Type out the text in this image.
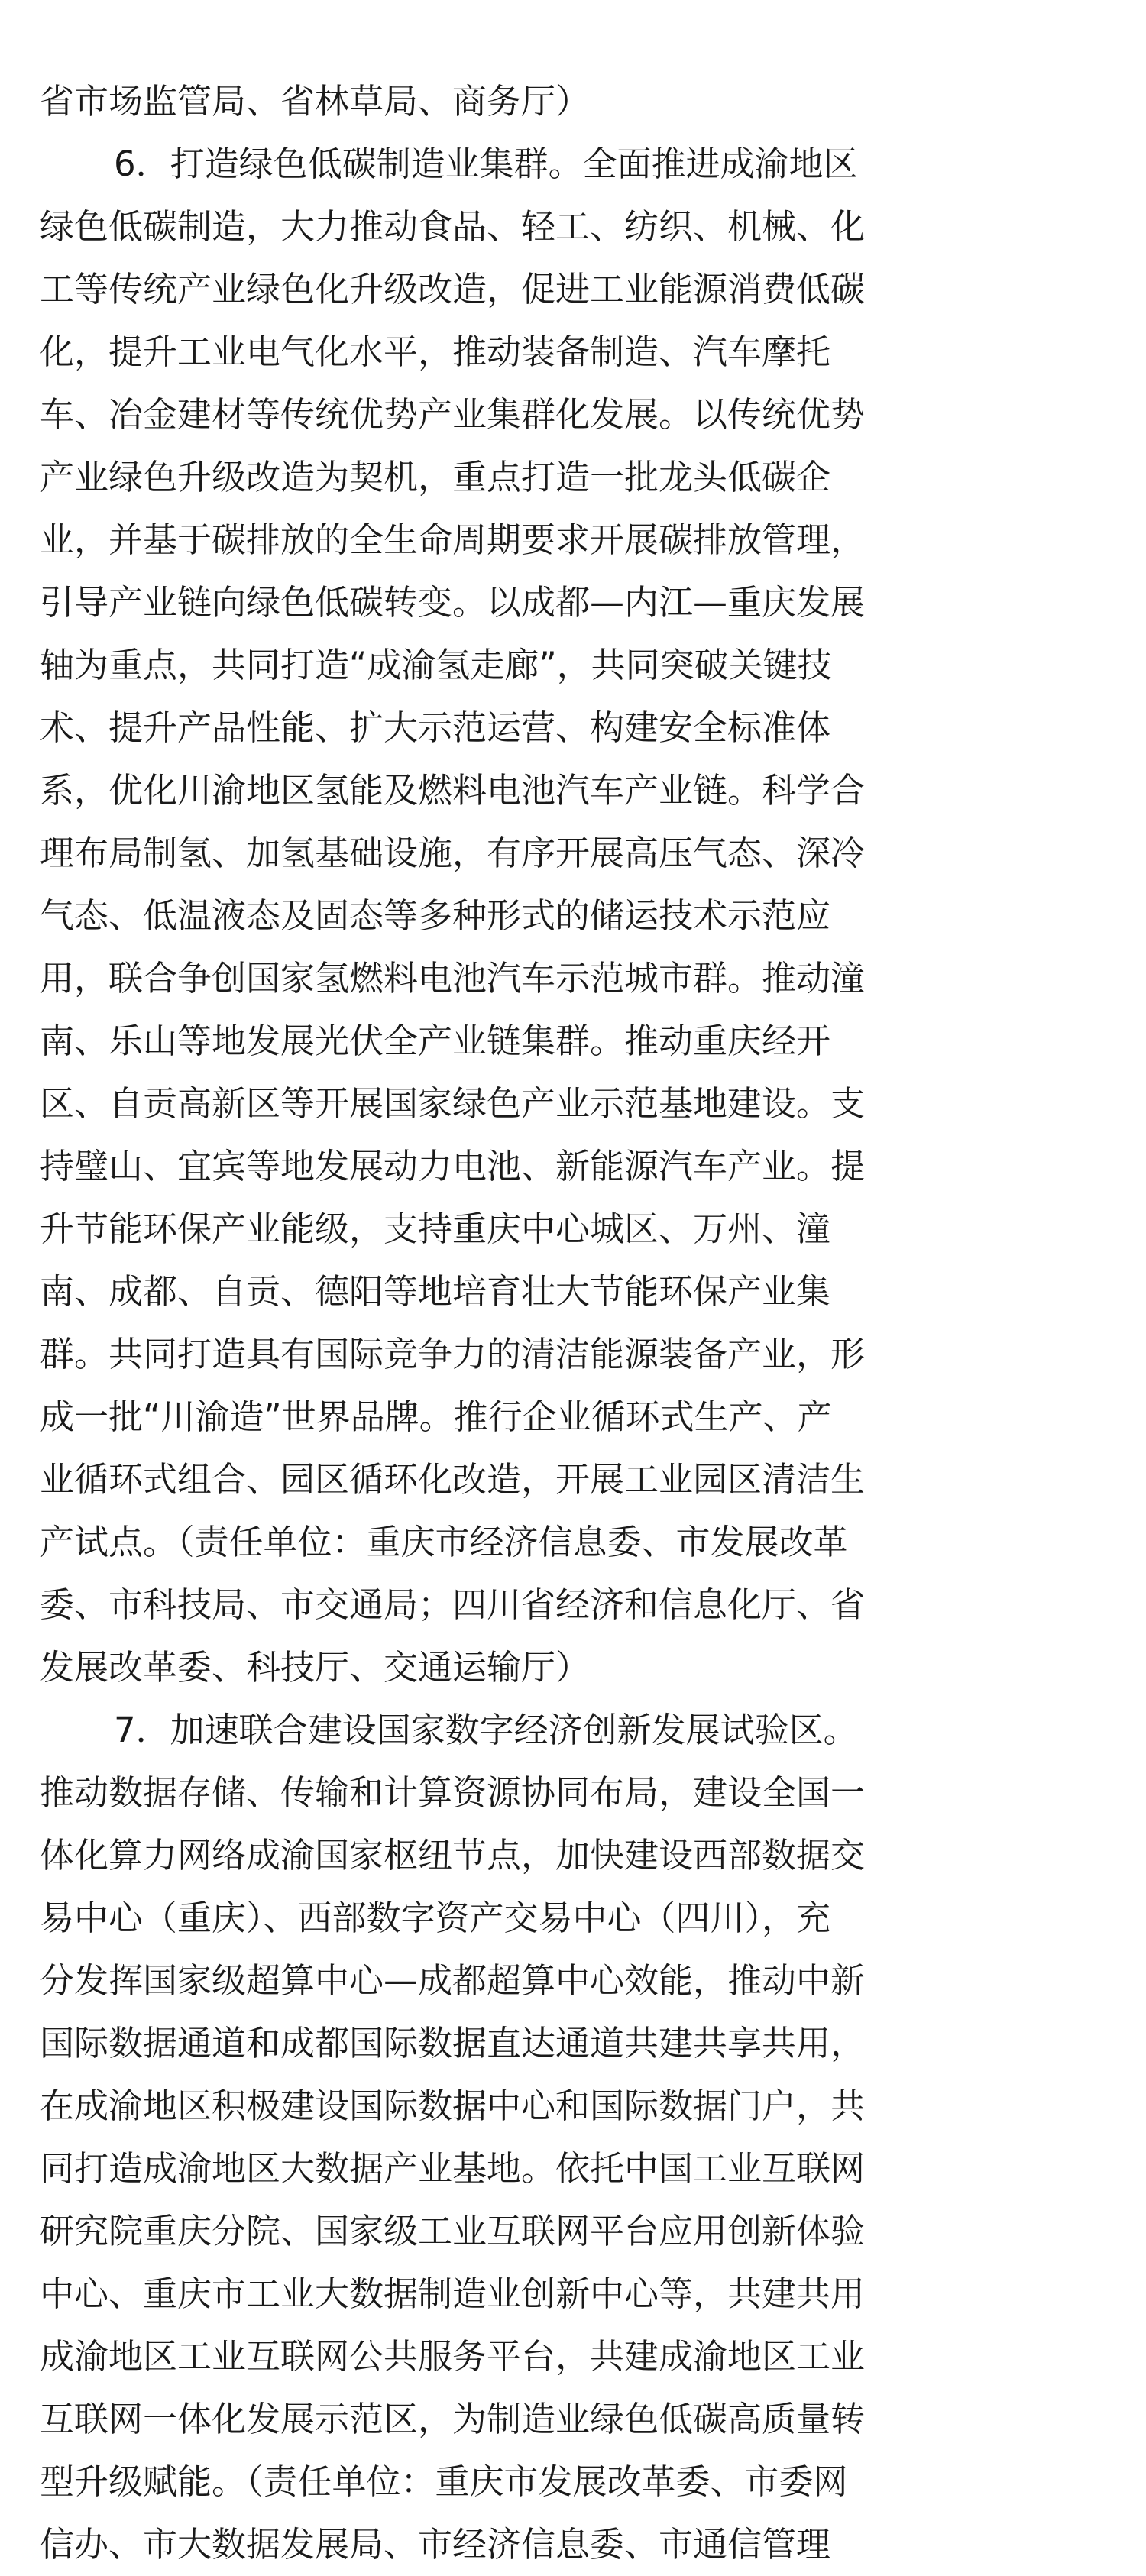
省市场监管局、省林草局、商务厅）
6．打造绿色低碳制造业集群。全面推进成渝地区
绿色低碳制造，大力推动食品、轻工、纺织、机械、化
工等传统产业绿色化升级改造，促进工业能源消费低碳
化，提升工业电气化水平，推动装备制造、汽车摩托
车、冶金建材等传统优势产业集群化发展。以传统优势
产业绿色升级改造为契机，重点打造一批龙头低碳企
业，并基于碳排放的全生命周期要求开展碳排放管理，
引导产业链向绿色低碳转变。以成都—内江—重庆发展
轴为重点，共同打造“成渝氢走廊”，共同突破关键技
术、提升产品性能、扩大示范运营、构建安全标准体
系，优化川渝地区氢能及燃料电池汽车产业链。科学合
理布局制氢、加氢基础设施，有序开展高压气态、深冷
气态、低温液态及固态等多种形式的储运技术示范应
用，联合争创国家氢燃料电池汽车示范城市群。推动潼
南、乐山等地发展光伏全产业链集群。推动重庆经开
区、自贡高新区等开展国家绿色产业示范基地建设。支
持璧山、宜宾等地发展动力电池、新能源汽车产业。提
升节能环保产业能级，支持重庆中心城区、万州、潼
南、成都、自贡、德阳等地培育壮大节能环保产业集
群。共同打造具有国际竞争力的清洁能源装备产业，形
成一批“川渝造”世界品牌。推行企业循环式生产、产
业循环式组合、园区循环化改造，开展工业园区清洁生
产试点。（责任单位：重庆市经济信息委、市发展改革
委、市科技局、市交通局；四川省经济和信息化厅、省
发展改革委、科技厅、交通运输厅）
7．加速联合建设国家数字经济创新发展试验区。
推动数据存储、传输和计算资源协同布局，建设全国一
体化算力网络成渝国家枢纽节点，加快建设西部数据交
易中心（重庆）、西部数字资产交易中心（四川），充
分发挥国家级超算中心—成都超算中心效能，推动中新
国际数据通道和成都国际数据直达通道共建共享共用，
在成渝地区积极建设国际数据中心和国际数据门户，共
同打造成渝地区大数据产业基地。依托中国工业互联网
研究院重庆分院、国家级工业互联网平台应用创新体验
中心、重庆市工业大数据制造业创新中心等，共建共用
成渝地区工业互联网公共服务平台，共建成渝地区工业
互联网一体化发展示范区，为制造业绿色低碳高质量转
型升级赋能。（责任单位：重庆市发展改革委、市委网
信办、市大数据发展局、市经济信息委、市通信管理
